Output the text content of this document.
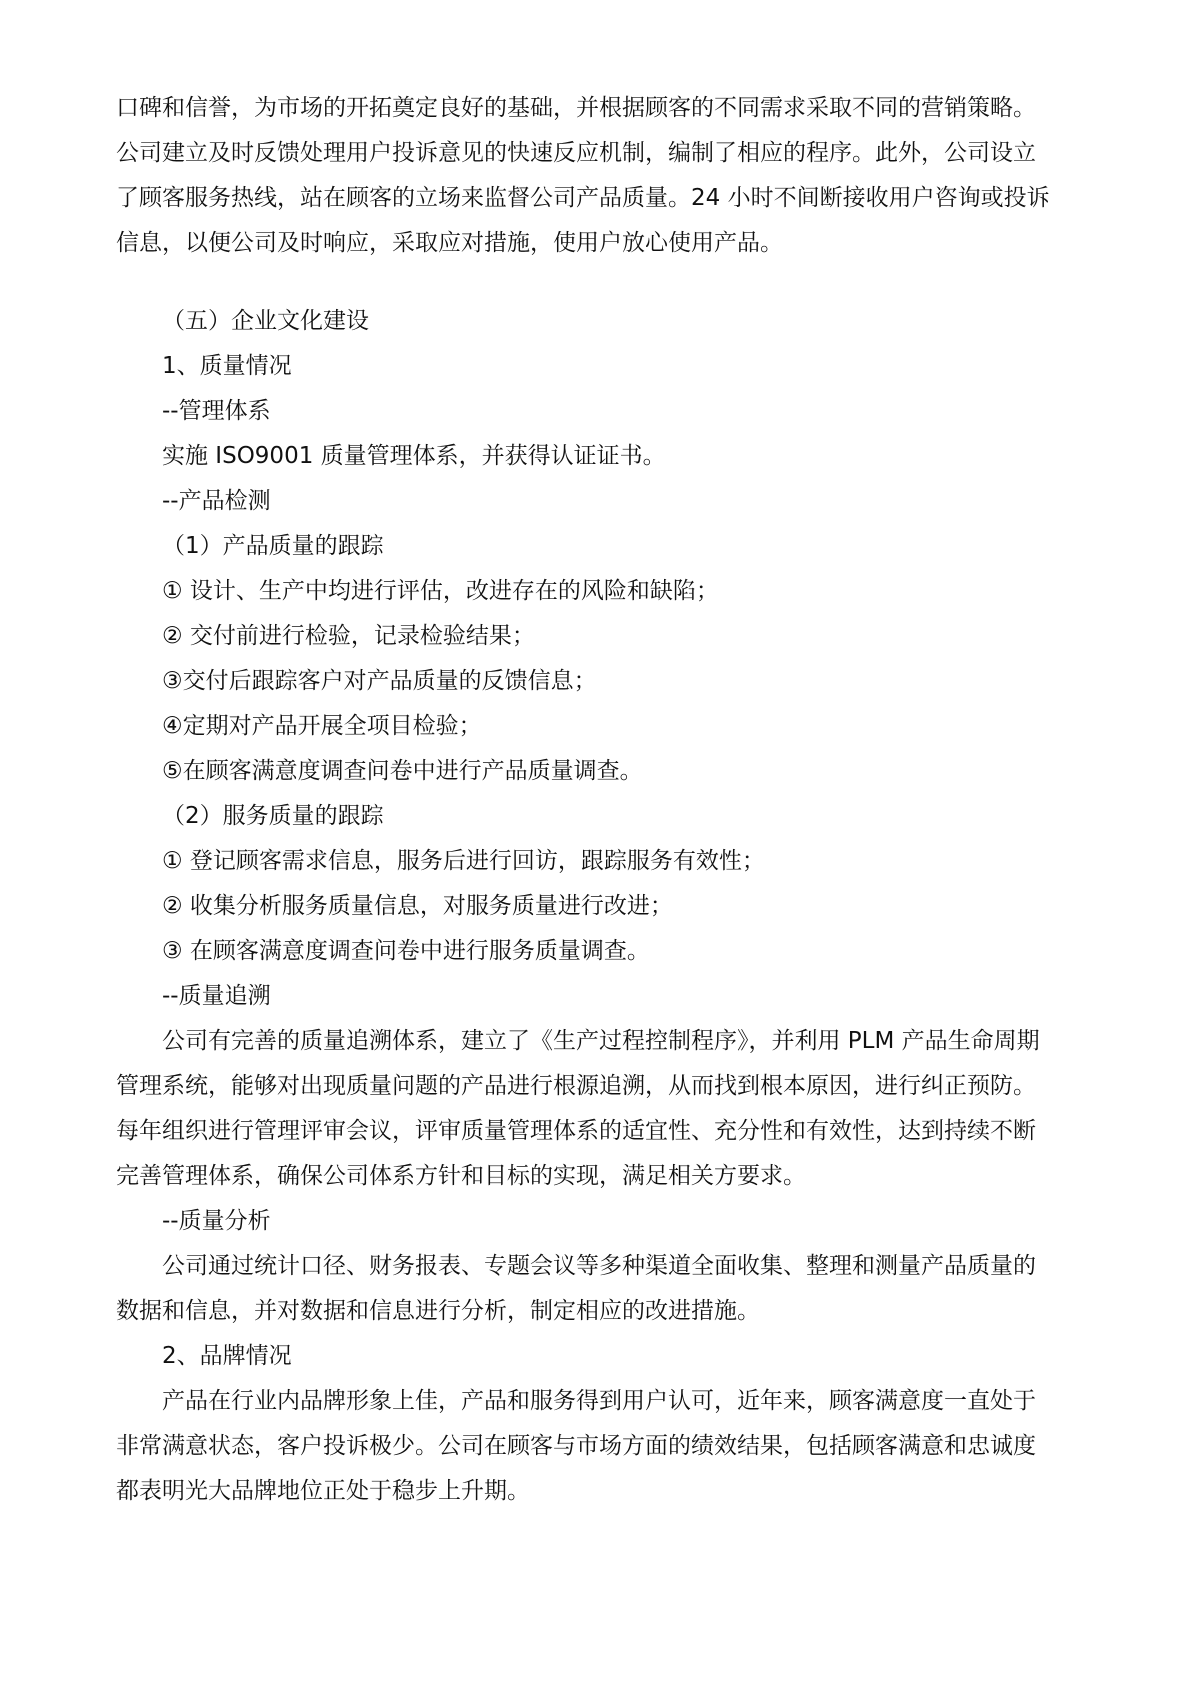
口碑和信誉，为市场的开拓奠定良好的基础，并根据顾客的不同需求采取不同的营销策略。

公司建立及时反馈处理用户投诉意见的快速反应机制，编制了相应的程序。此外，公司设立

了顾客服务热线，站在顾客的立场来监督公司产品质量。24 小时不间断接收用户咨询或投诉

信息，以便公司及时响应，采取应对措施，使用户放心使用产品。

（五）企业文化建设

1、质量情况

--管理体系

实施 ISO9001 质量管理体系，并获得认证证书。

--产品检测

（1）产品质量的跟踪

① 设计、生产中均进行评估，改进存在的风险和缺陷；

② 交付前进行检验，记录检验结果；

③交付后跟踪客户对产品质量的反馈信息；

④定期对产品开展全项目检验；

⑤在顾客满意度调查问卷中进行产品质量调查。

（2）服务质量的跟踪

① 登记顾客需求信息，服务后进行回访，跟踪服务有效性；

② 收集分析服务质量信息，对服务质量进行改进；

③ 在顾客满意度调查问卷中进行服务质量调查。

--质量追溯

公司有完善的质量追溯体系，建立了《生产过程控制程序》，并利用 PLM 产品生命周期

管理系统，能够对出现质量问题的产品进行根源追溯，从而找到根本原因，进行纠正预防。

每年组织进行管理评审会议，评审质量管理体系的适宜性、充分性和有效性，达到持续不断

完善管理体系，确保公司体系方针和目标的实现，满足相关方要求。

--质量分析

公司通过统计口径、财务报表、专题会议等多种渠道全面收集、整理和测量产品质量的

数据和信息，并对数据和信息进行分析，制定相应的改进措施。

2、品牌情况

产品在行业内品牌形象上佳，产品和服务得到用户认可，近年来，顾客满意度一直处于

非常满意状态，客户投诉极少。公司在顾客与市场方面的绩效结果，包括顾客满意和忠诚度

都表明光大品牌地位正处于稳步上升期。
